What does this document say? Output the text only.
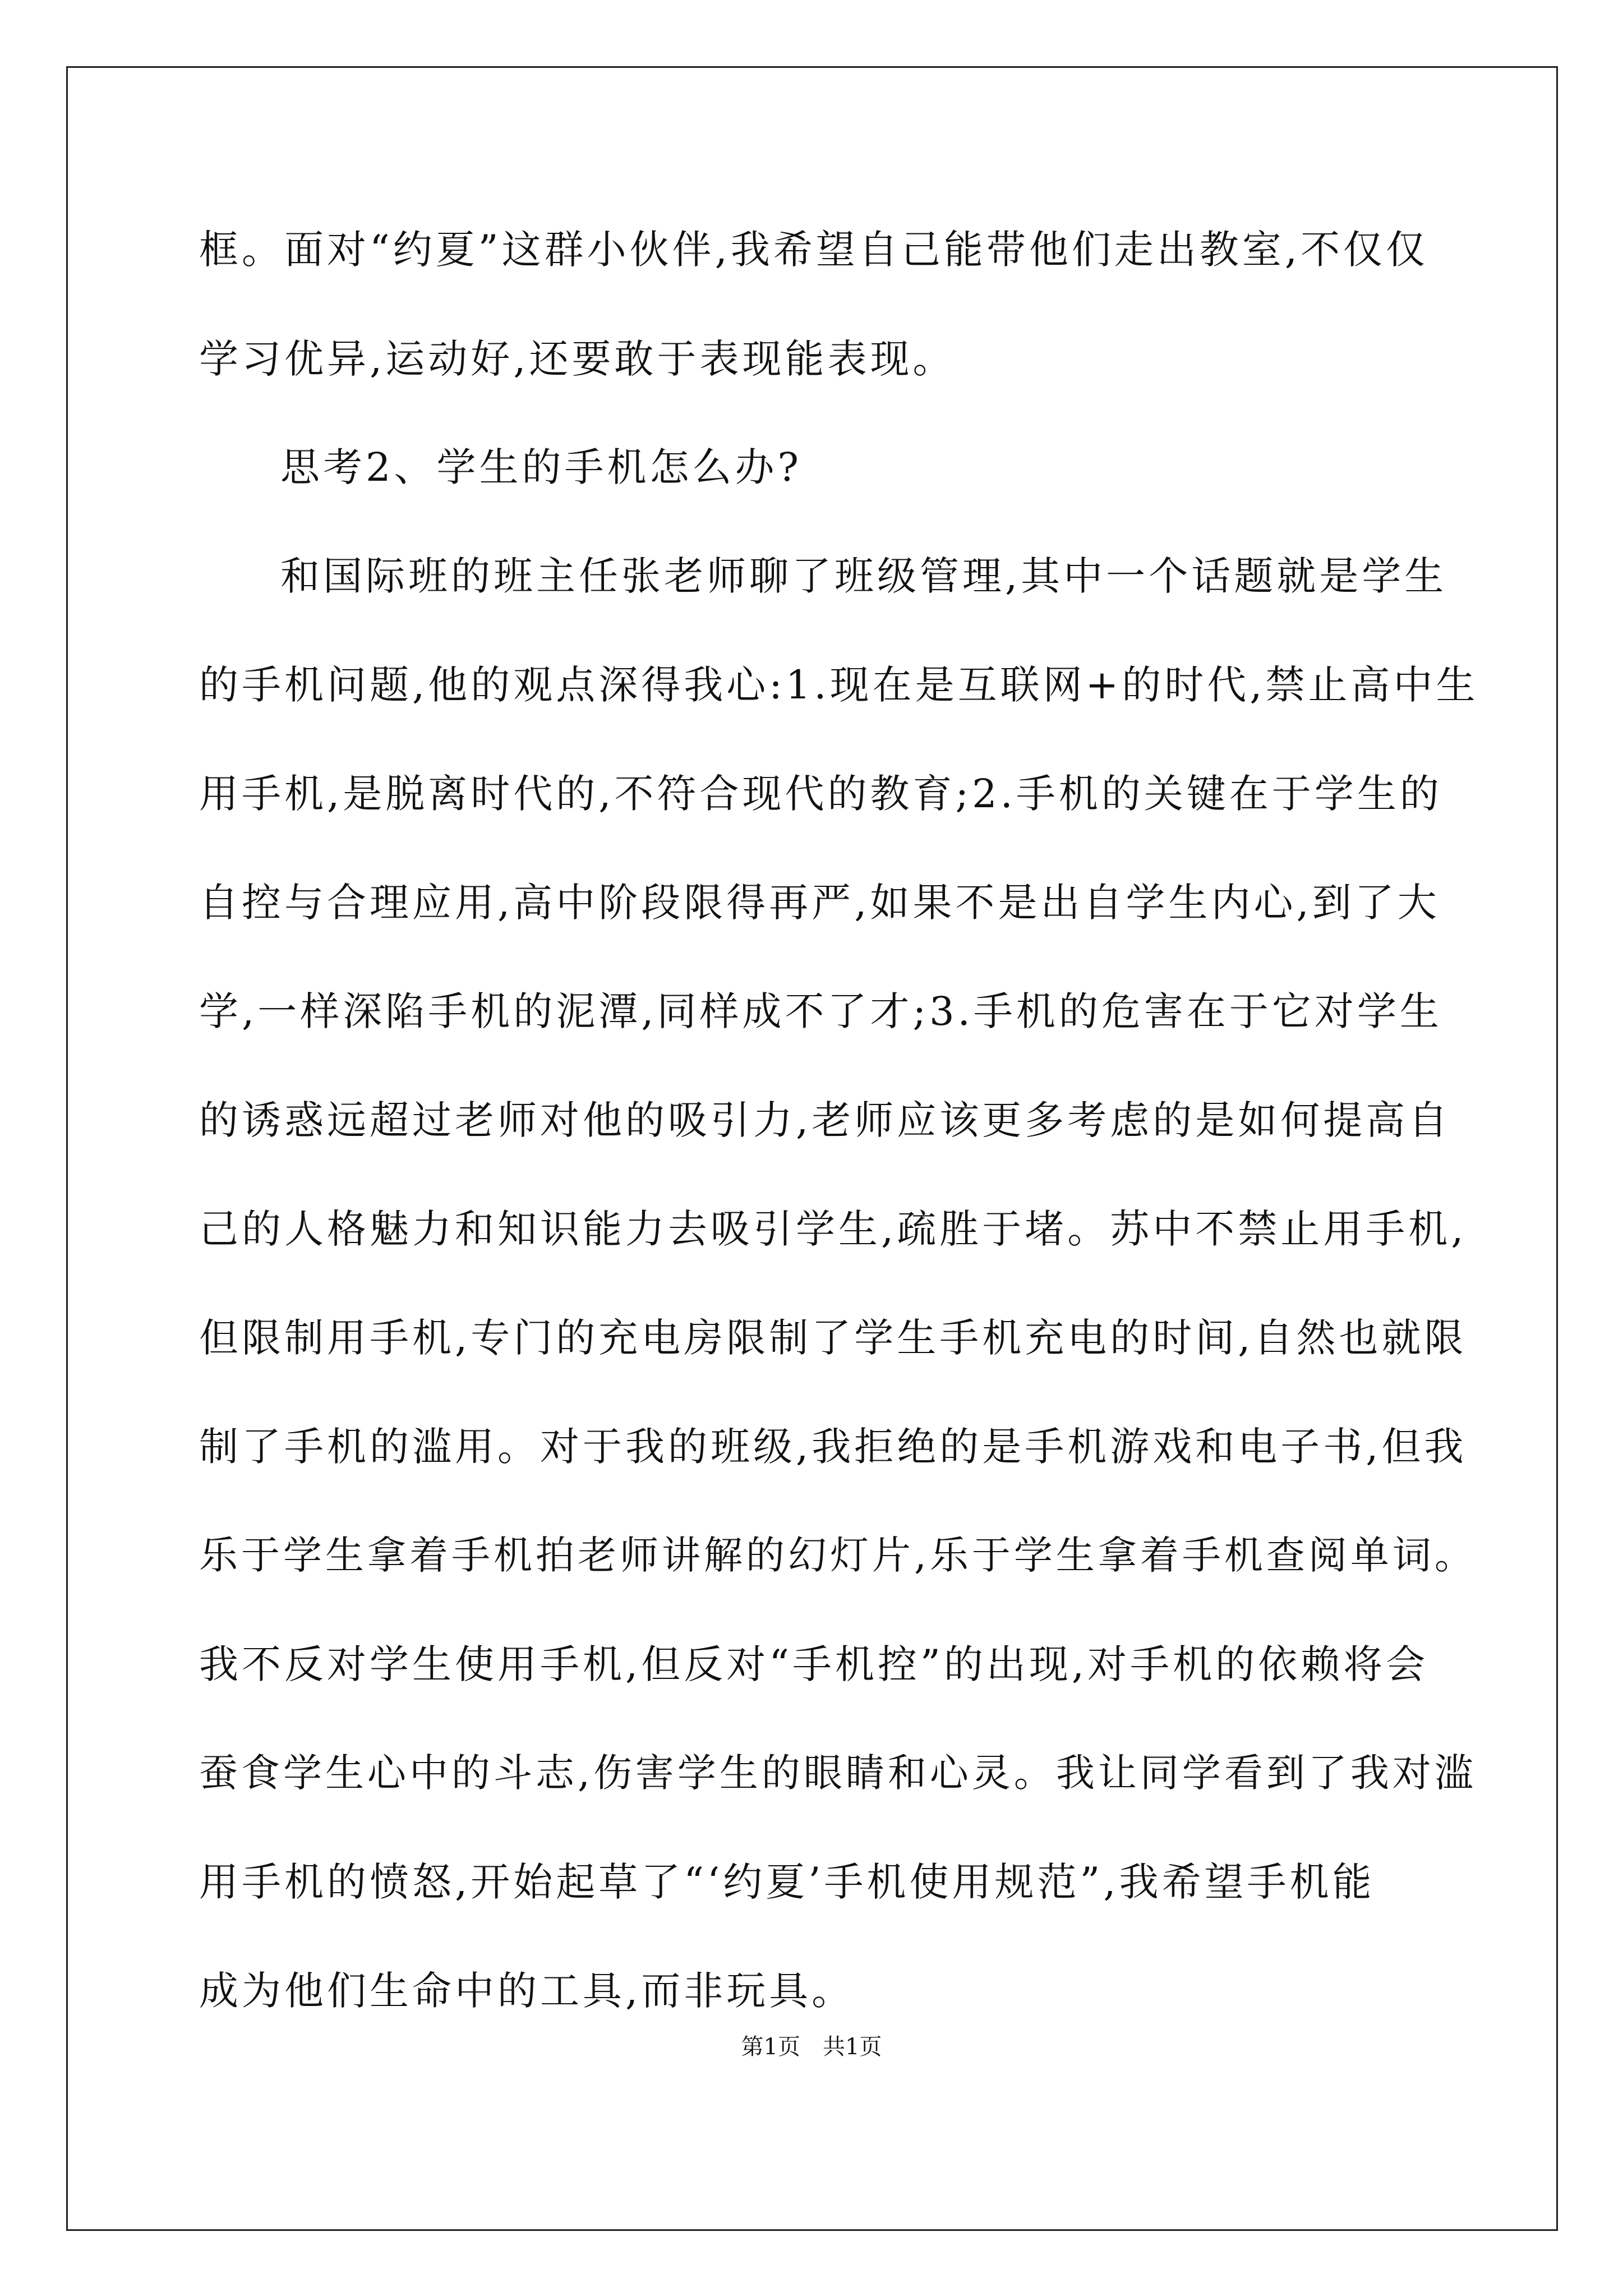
框。面对“约夏”这群小伙伴,我希望自己能带他们走出教室,不仅仅
学习优异,运动好,还要敢于表现能表现。
思考2、学生的手机怎么办?
和国际班的班主任张老师聊了班级管理,其中一个话题就是学生
的手机问题,他的观点深得我心:1.现在是互联网+的时代,禁止高中生
用手机,是脱离时代的,不符合现代的教育;2.手机的关键在于学生的
自控与合理应用,高中阶段限得再严,如果不是出自学生内心,到了大
学,一样深陷手机的泥潭,同样成不了才;3.手机的危害在于它对学生
的诱惑远超过老师对他的吸引力,老师应该更多考虑的是如何提高自
己的人格魅力和知识能力去吸引学生,疏胜于堵。苏中不禁止用手机,
但限制用手机,专门的充电房限制了学生手机充电的时间,自然也就限
制了手机的滥用。对于我的班级,我拒绝的是手机游戏和电子书,但我
乐于学生拿着手机拍老师讲解的幻灯片,乐于学生拿着手机查阅单词。
我不反对学生使用手机,但反对“手机控”的出现,对手机的依赖将会
蚕食学生心中的斗志,伤害学生的眼睛和心灵。我让同学看到了我对滥
用手机的愤怒,开始起草了“‘约夏’手机使用规范”,我希望手机能
成为他们生命中的工具,而非玩具。
第1页 共1页
